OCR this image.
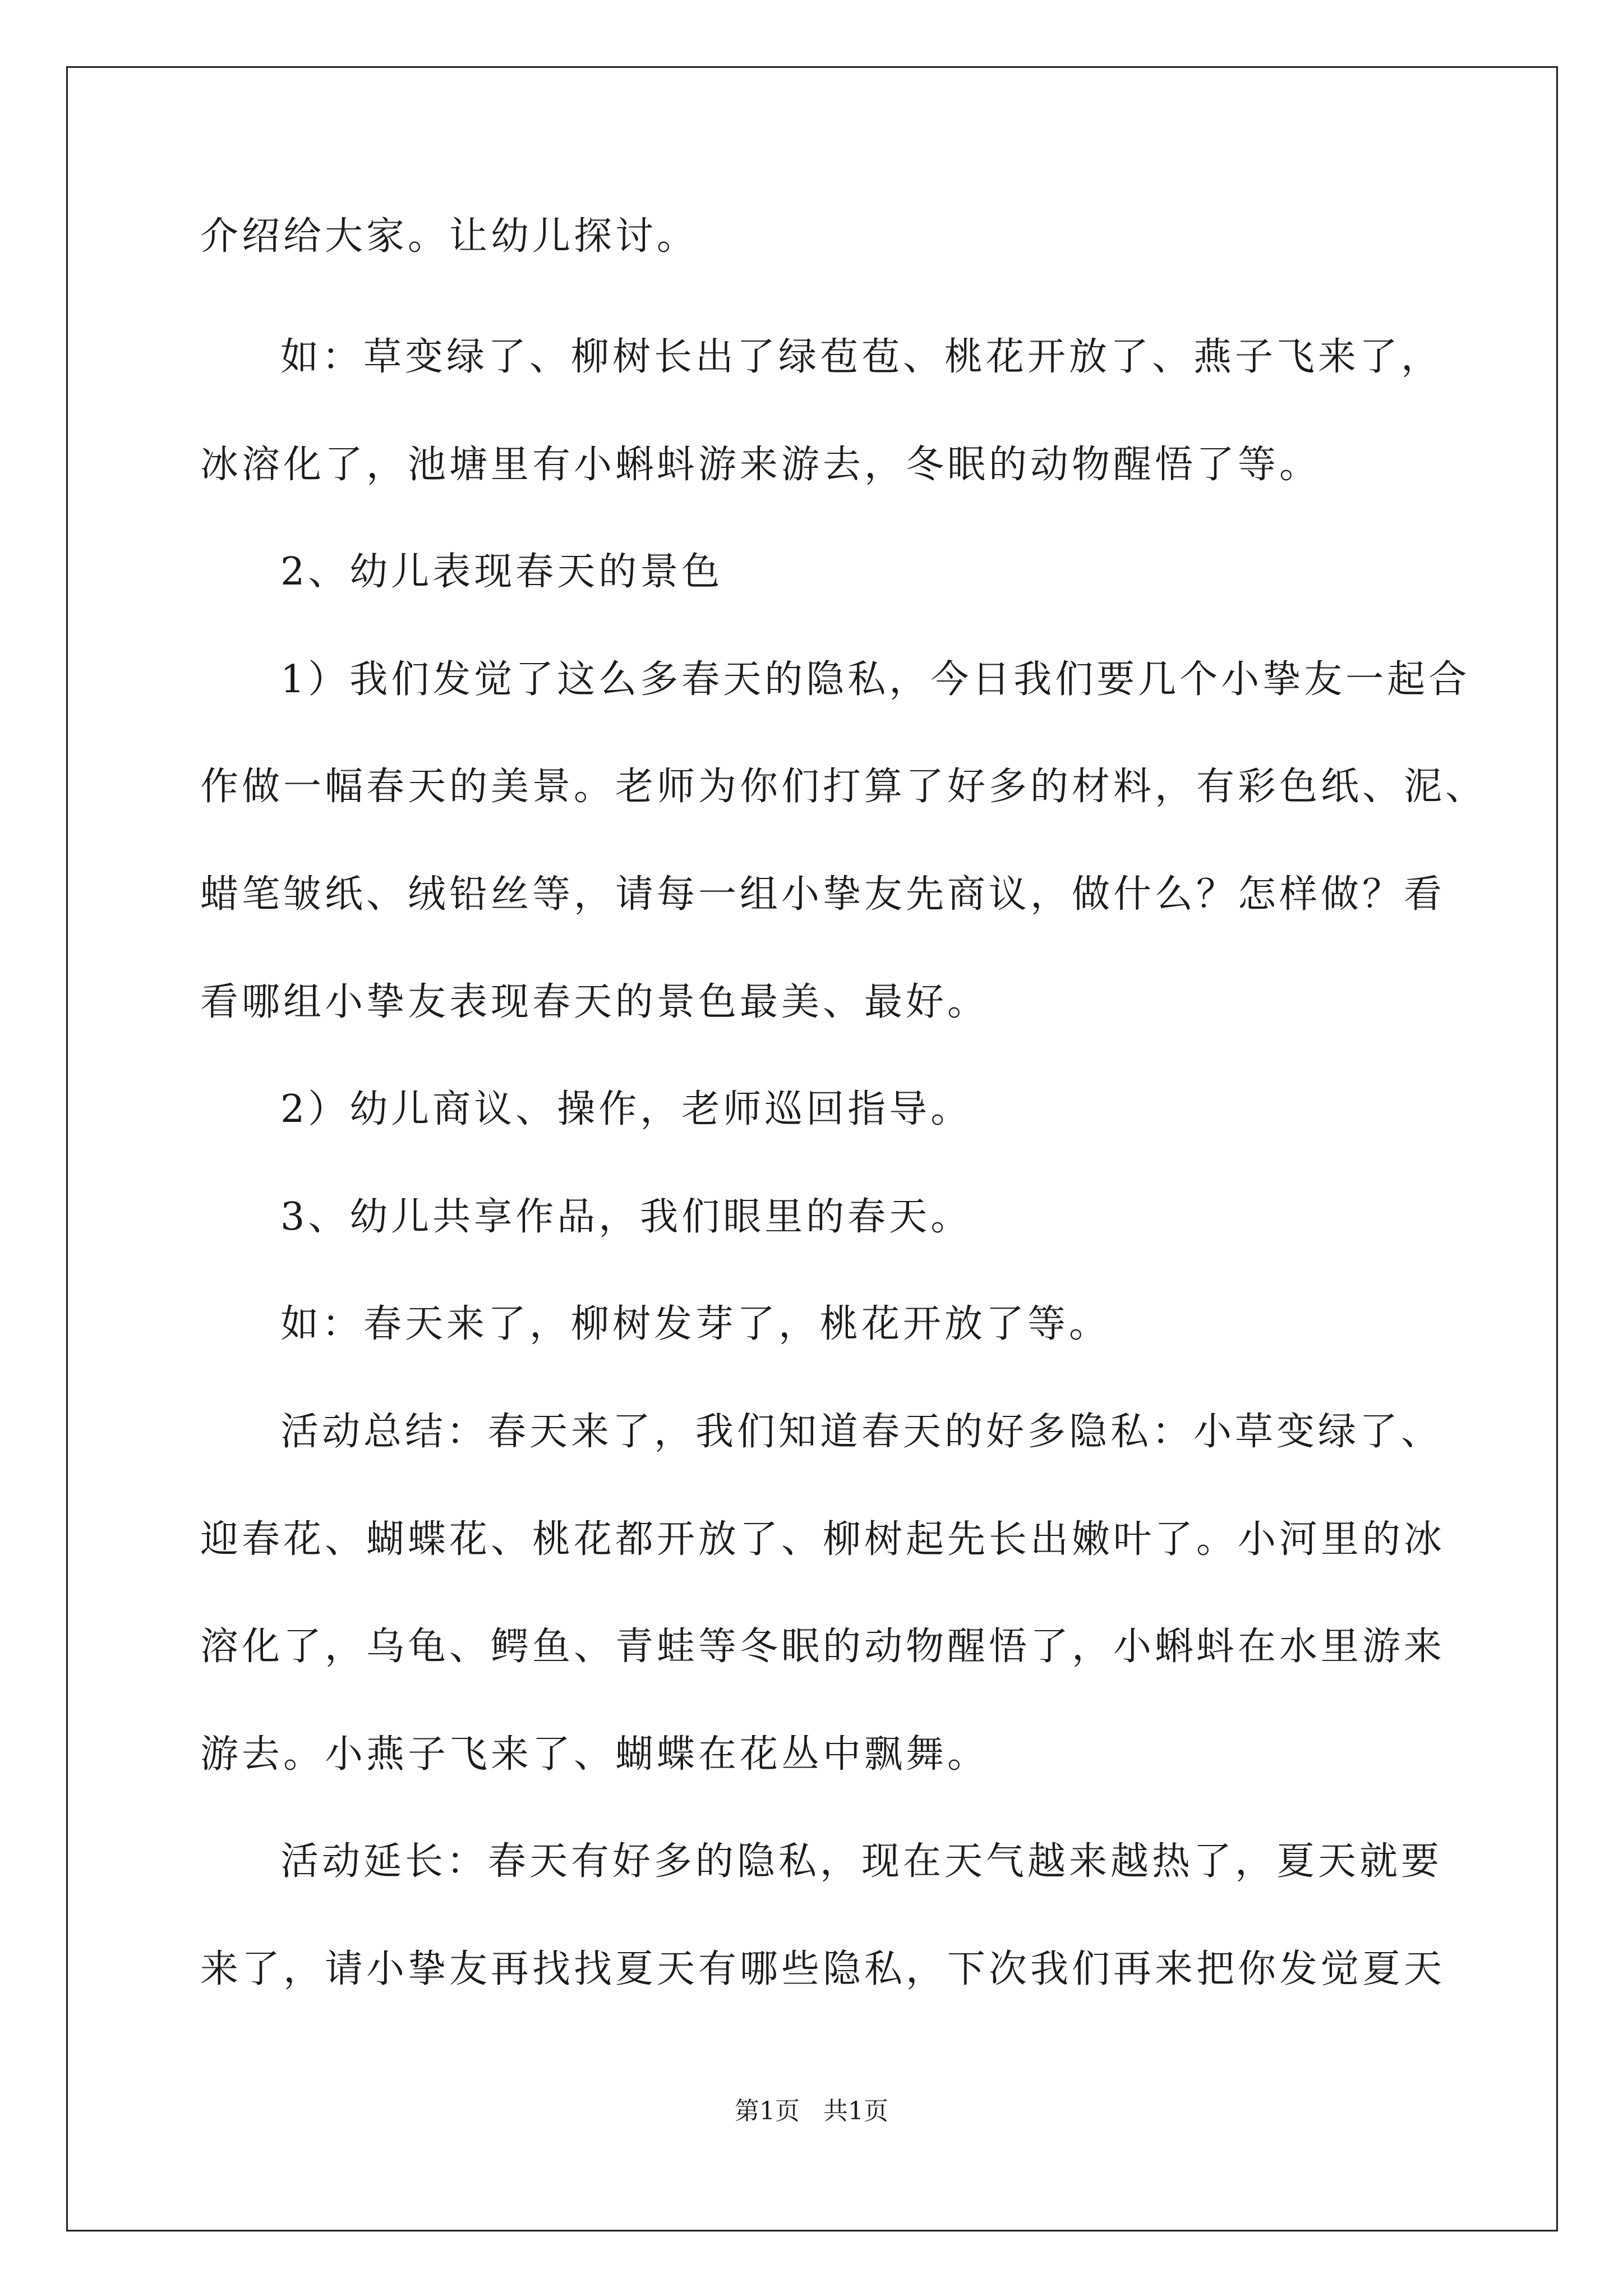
介绍给大家。让幼儿探讨。
如：草变绿了、柳树长出了绿苞苞、桃花开放了、燕子飞来了，
冰溶化了，池塘里有小蝌蚪游来游去，冬眠的动物醒悟了等。
2、幼儿表现春天的景色
1）我们发觉了这么多春天的隐私，今日我们要几个小挚友一起合
作做一幅春天的美景。老师为你们打算了好多的材料，有彩色纸、泥、
蜡笔皱纸、绒铅丝等，请每一组小挚友先商议，做什么？怎样做？看
看哪组小挚友表现春天的景色最美、最好。
2）幼儿商议、操作，老师巡回指导。
3、幼儿共享作品，我们眼里的春天。
如：春天来了，柳树发芽了，桃花开放了等。
活动总结：春天来了，我们知道春天的好多隐私：小草变绿了、
迎春花、蝴蝶花、桃花都开放了、柳树起先长出嫩叶了。小河里的冰
溶化了，乌龟、鳄鱼、青蛙等冬眠的动物醒悟了，小蝌蚪在水里游来
游去。小燕子飞来了、蝴蝶在花丛中飘舞。
活动延长：春天有好多的隐私，现在天气越来越热了，夏天就要
来了，请小挚友再找找夏天有哪些隐私，下次我们再来把你发觉夏天
第1页   共1页
